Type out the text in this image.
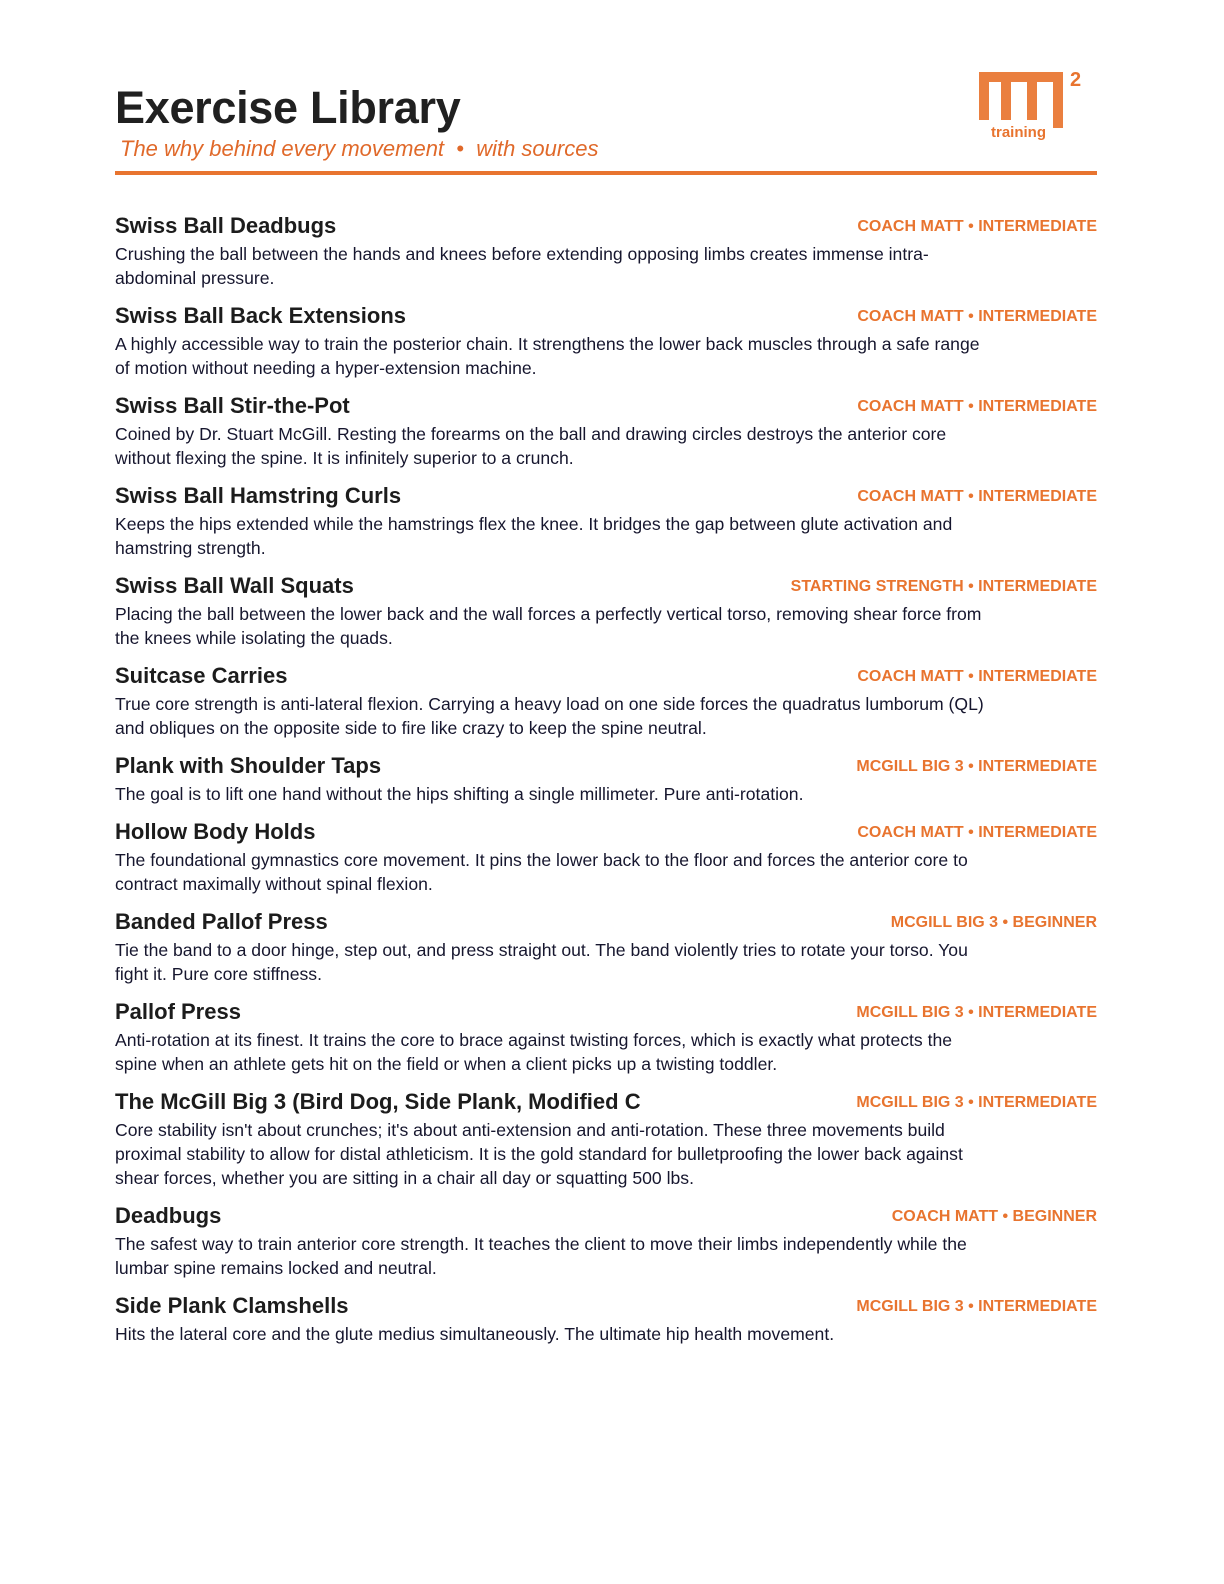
Exercise Library
The why behind every movement  •  with sources
2
training
Swiss Ball Deadbugs	COACH MATT • INTERMEDIATE
Crushing the ball between the hands and knees before extending opposing limbs creates immense intra-abdominal pressure.
Swiss Ball Back Extensions	COACH MATT • INTERMEDIATE
A highly accessible way to train the posterior chain. It strengthens the lower back muscles through a safe range of motion without needing a hyper-extension machine.
Swiss Ball Stir-the-Pot	COACH MATT • INTERMEDIATE
Coined by Dr. Stuart McGill. Resting the forearms on the ball and drawing circles destroys the anterior core without flexing the spine. It is infinitely superior to a crunch.
Swiss Ball Hamstring Curls	COACH MATT • INTERMEDIATE
Keeps the hips extended while the hamstrings flex the knee. It bridges the gap between glute activation and hamstring strength.
Swiss Ball Wall Squats	STARTING STRENGTH • INTERMEDIATE
Placing the ball between the lower back and the wall forces a perfectly vertical torso, removing shear force from the knees while isolating the quads.
Suitcase Carries	COACH MATT • INTERMEDIATE
True core strength is anti-lateral flexion. Carrying a heavy load on one side forces the quadratus lumborum (QL) and obliques on the opposite side to fire like crazy to keep the spine neutral.
Plank with Shoulder Taps	MCGILL BIG 3 • INTERMEDIATE
The goal is to lift one hand without the hips shifting a single millimeter. Pure anti-rotation.
Hollow Body Holds	COACH MATT • INTERMEDIATE
The foundational gymnastics core movement. It pins the lower back to the floor and forces the anterior core to contract maximally without spinal flexion.
Banded Pallof Press	MCGILL BIG 3 • BEGINNER
Tie the band to a door hinge, step out, and press straight out. The band violently tries to rotate your torso. You fight it. Pure core stiffness.
Pallof Press	MCGILL BIG 3 • INTERMEDIATE
Anti-rotation at its finest. It trains the core to brace against twisting forces, which is exactly what protects the spine when an athlete gets hit on the field or when a client picks up a twisting toddler.
The McGill Big 3 (Bird Dog, Side Plank, Modified C	MCGILL BIG 3 • INTERMEDIATE
Core stability isn't about crunches; it's about anti-extension and anti-rotation. These three movements build proximal stability to allow for distal athleticism. It is the gold standard for bulletproofing the lower back against shear forces, whether you are sitting in a chair all day or squatting 500 lbs.
Deadbugs	COACH MATT • BEGINNER
The safest way to train anterior core strength. It teaches the client to move their limbs independently while the lumbar spine remains locked and neutral.
Side Plank Clamshells	MCGILL BIG 3 • INTERMEDIATE
Hits the lateral core and the glute medius simultaneously. The ultimate hip health movement.
